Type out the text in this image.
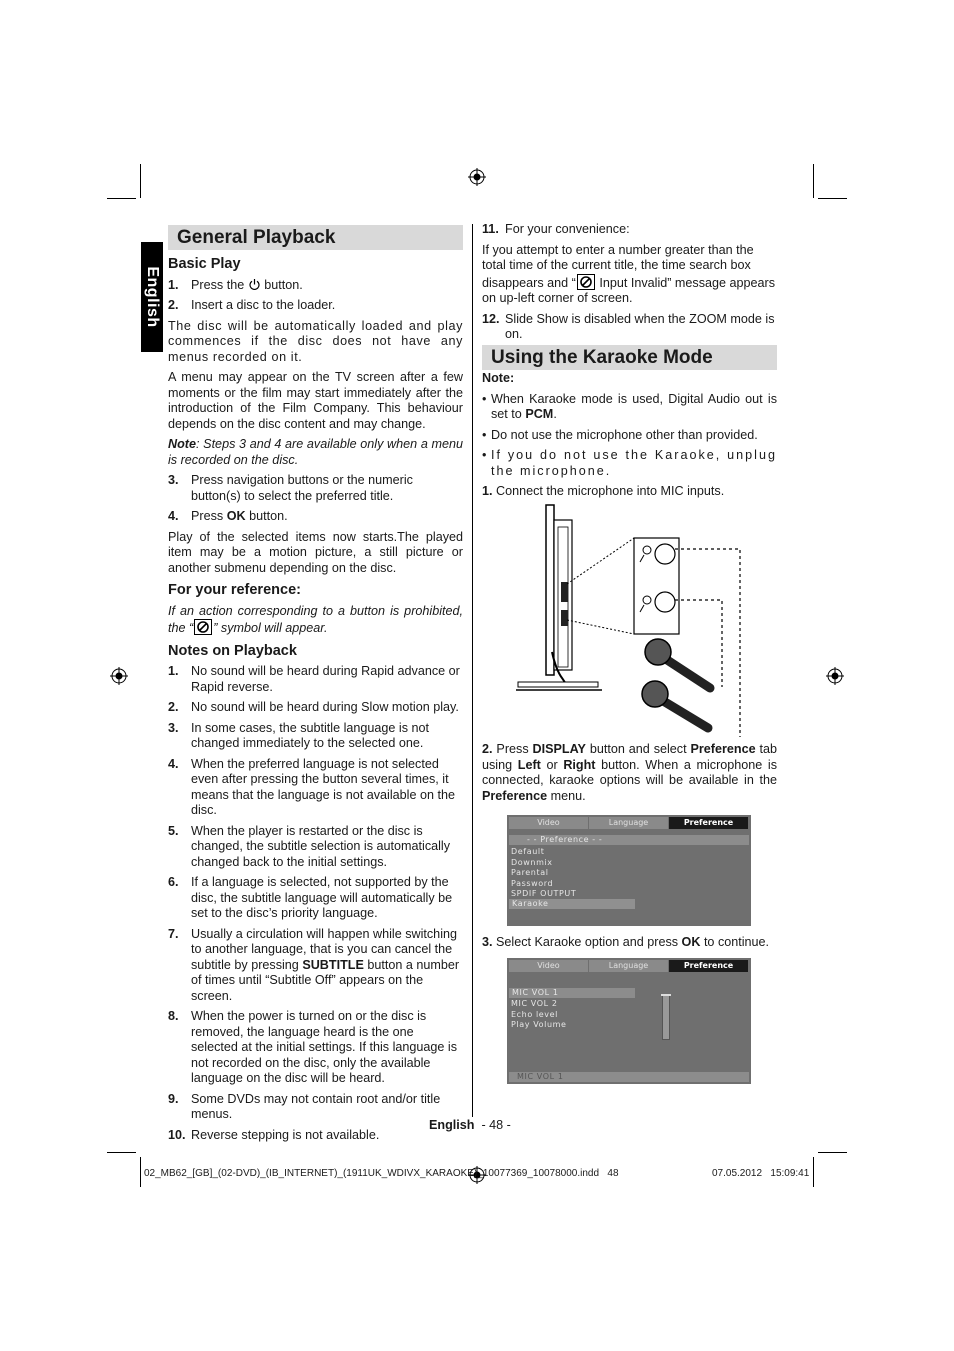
English
General Playback
Basic Play
1. Press the button.
2. Insert a disc to the loader.

The disc will be automatically loaded and play commences if the disc does not have any menus recorded on it.

A menu may appear on the TV screen after a few moments or the film may start immediately after the introduction of the Film Company. This behaviour depends on the disc content and may change.

Note: Steps 3 and 4 are available only when a menu is recorded on the disc.

3. Press navigation buttons or the numeric button(s) to select the preferred title.
4. Press OK button.

Play of the selected items now starts.The played item may be a motion picture, a still picture or another submenu depending on the disc.

For your reference:

If an action corresponding to a button is prohibited, the “ ” symbol will appear.

Notes on Playback
1. No sound will be heard during Rapid advance or Rapid reverse.
2. No sound will be heard during Slow motion play.
3. In some cases, the subtitle language is not changed immediately to the selected one.
4. When the preferred language is not selected even after pressing the button several times, it means that the language is not available on the disc.
5. When the player is restarted or the disc is changed, the subtitle selection is automatically changed back to the initial settings.
6. If a language is selected, not supported by the disc, the subtitle language will automatically be set to the disc’s priority language.
7. Usually a circulation will happen while switching to another language, that is you can cancel the subtitle by pressing SUBTITLE button a number of times until “Subtitle Off” appears on the screen.
8. When the power is turned on or the disc is removed, the language heard is the one selected at the initial settings. If this language is not recorded on the disc, only the available language on the disc will be heard.
9. Some DVDs may not contain root and/or title menus.
10. Reverse stepping is not available.
11. For your convenience:

If you attempt to enter a number greater than the total time of the current title, the time search box disappears and “
Input Invalid” message appears on up-left corner of screen.

12. Slide Show is disabled when the ZOOM mode is on.
Using the Karaoke Mode
Note:
• When Karaoke mode is used, Digital Audio out is set to PCM.
• Do not use the microphone other than provided.
• If you do not use the Karaoke, unplug the microphone.
1. Connect the microphone into MIC inputs.

2. Press DISPLAY button and select Preference tab using Left or Right button. When a microphone is connected, karaoke options will be available in the Preference menu.

Video	Language	Preference
- - Preference - -
Default
Downmix
Parental
Password
SPDIF OUTPUT
Karaoke
3. Select Karaoke option and press OK to continue.
Video	Language	Preference
MIC VOL 1
MIC VOL 2
Echo level
Play Volume
MIC VOL 1
English - 48 -
02_MB62_[GB]_(02-DVD)_(IB_INTERNET)_(1911UK_WDIVX_KARAOKE)_10077369_10078000.indd   48	07.05.2012   15:09:41
